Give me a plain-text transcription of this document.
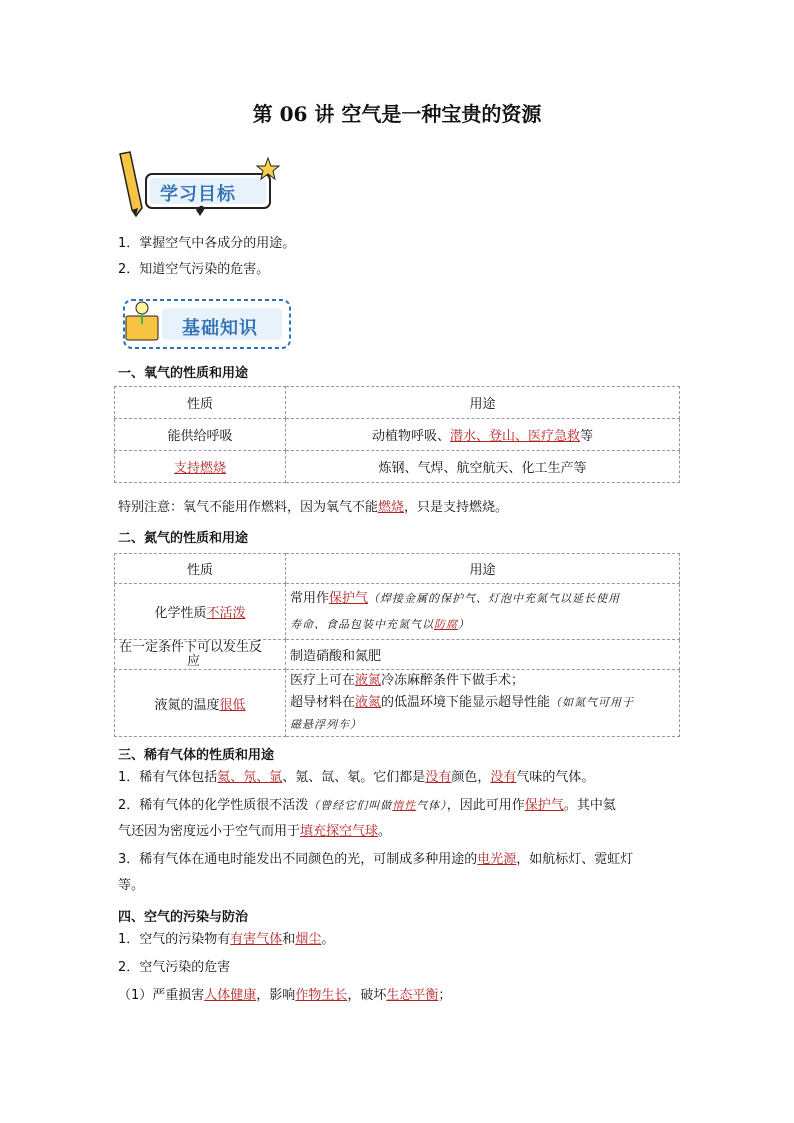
第 06 讲 空气是一种宝贵的资源
学习目标
1．掌握空气中各成分的用途。
2．知道空气污染的危害。
基础知识
一、氧气的性质和用途
性质	用途
能供给呼吸	动植物呼吸、潜水、登山、医疗急救等
支持燃烧	炼钢、气焊、航空航天、化工生产等
特别注意：氧气不能用作燃料，因为氧气不能燃烧，只是支持燃烧。
二、氮气的性质和用途
性质	用途
化学性质不活泼	常用作保护气（焊接金属的保护气、灯泡中充氮气以延长使用
寿命、食品包装中充氮气以防腐）
在一定条件下可以发生反
应	制造硝酸和氮肥
液氮的温度很低	医疗上可在液氮冷冻麻醉条件下做手术；
超导材料在液氮的低温环境下能显示超导性能（如氮气可用于
磁悬浮列车）
三、稀有气体的性质和用途
1．稀有气体包括氦、氖、氩、氪、氙、氡。它们都是没有颜色，没有气味的气体。
2．稀有气体的化学性质很不活泼（曾经它们叫做惰性气体），因此可用作保护气。其中氦
气还因为密度远小于空气而用于填充探空气球。
3．稀有气体在通电时能发出不同颜色的光，可制成多种用途的电光源，如航标灯、霓虹灯
等。
四、空气的污染与防治
1．空气的污染物有有害气体和烟尘。
2．空气污染的危害
（1）严重损害人体健康，影响作物生长，破坏生态平衡；
